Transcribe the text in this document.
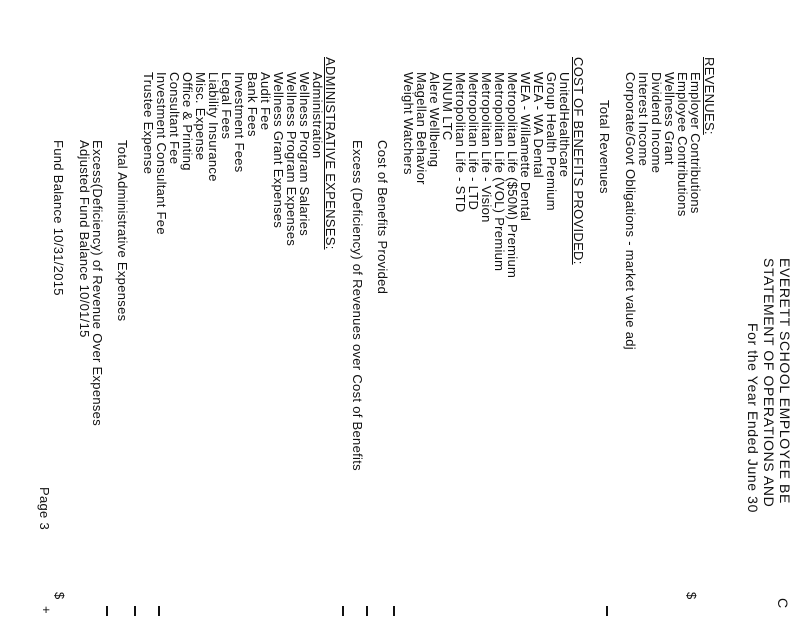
EVERETT SCHOOL EMPLOYEE BE
STATEMENT OF OPERATIONS AND
For the Year Ended June 30
REVENUES:
Employer Contributions
Employee Contributions
Wellness Grant
Dividend Income
Interest Income
Corporate/Govt Obligations - market value adj
Total Revenues
COST OF BENEFITS PROVIDED:
UnitedHealthcare
Group Health Premium
WEA - WA Dental
WEA - Willamette Dental
Metropolitan Life ($50M) Premium
Metropolitan Life (VOL) Premium
Metropolitan Life - Vision
Metropolitan Life - LTD
Metropolitan Life - STD
UNUM LTC
Alere Wellbeing
Magellan Behavior
Weight Watchers
Cost of Benefits Provided
Excess (Deficiency) of Revenues over Cost of Benefits
ADMINISTRATIVE EXPENSES:
Administration
Wellness Program Salaries
Wellness Program Expenses
Wellness Grant Expenses
Audit Fee
Bank Fees
Investment Fees
Legal Fees
Liability Insurance
Misc. Expense
Office & Printing
Consultant Fee
Investment Consultant Fee
Trustee Expense
Total Administrative Expenses
Excess(Deficiency) of Revenue Over Expenses
Adjusted Fund Balance 10/01/15
Fund Balance 10/31/2015
Page 3
C
$
$
+
